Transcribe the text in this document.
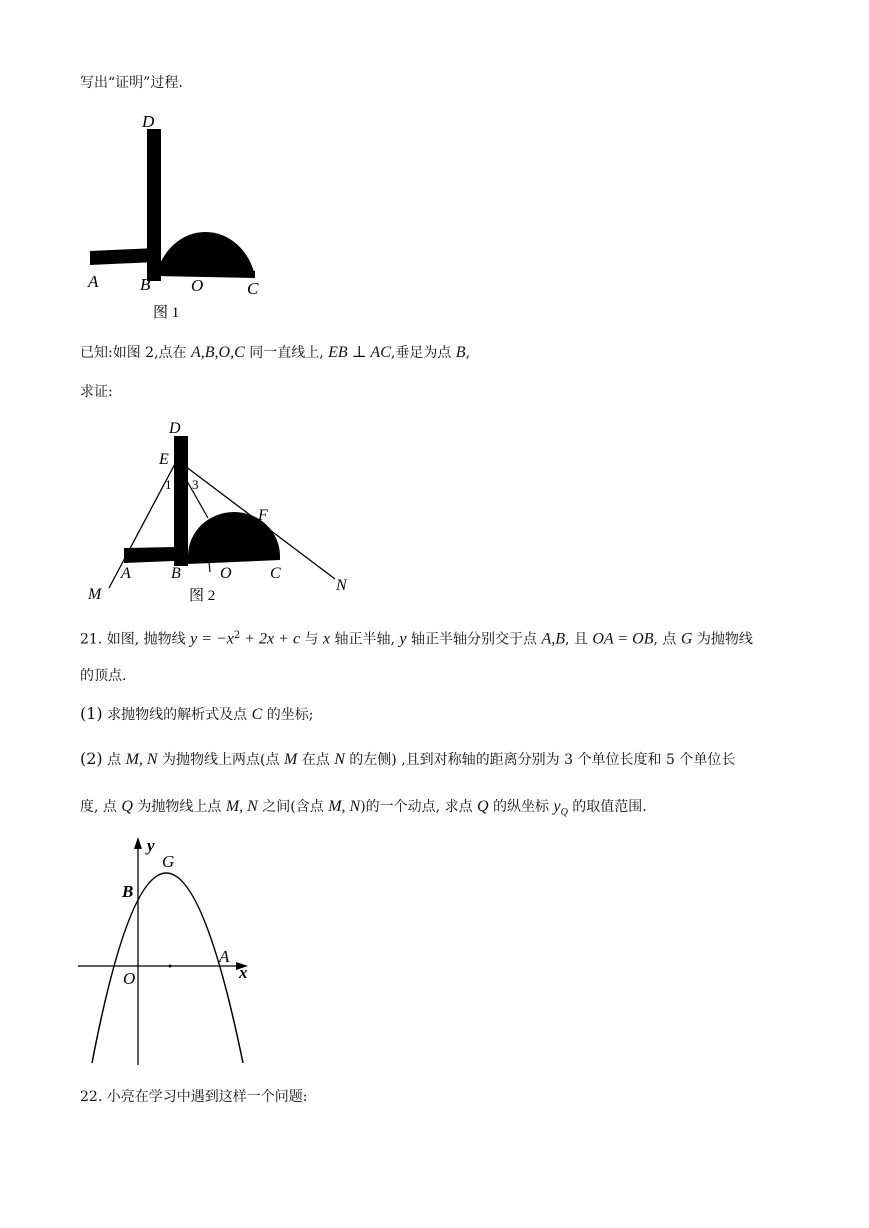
写出“证明”过程.
D
A B O	C
图 1
已知:如图 2,点在 A,B,O,C 同一直线上, EB ⊥ AC,垂足为点 B,
求证:
D
E
1 3
F
A	B O C
M
N
图 2
21. 如图, 抛物线 $y = -x^2 + 2x + c$ 与 x 轴正半轴, y 轴正半轴分别交于点 A,B, 且 OA = OB, 点 G 为抛物线
的顶点.
(1) 求抛物线的解析式及点 C 的坐标;
(2) 点 M, N 为抛物线上两点(点 M 在点 N 的左侧) ,且到对称轴的距离分别为 3 个单位长度和 5 个单位长
度, 点 Q 为抛物线上点 M, N 之间(含点 M, N)的一个动点, 求点 Q 的纵坐标 $y_Q$ 的取值范围.
y
G
B
O
A
x
22. 小亮在学习中遇到这样一个问题:
